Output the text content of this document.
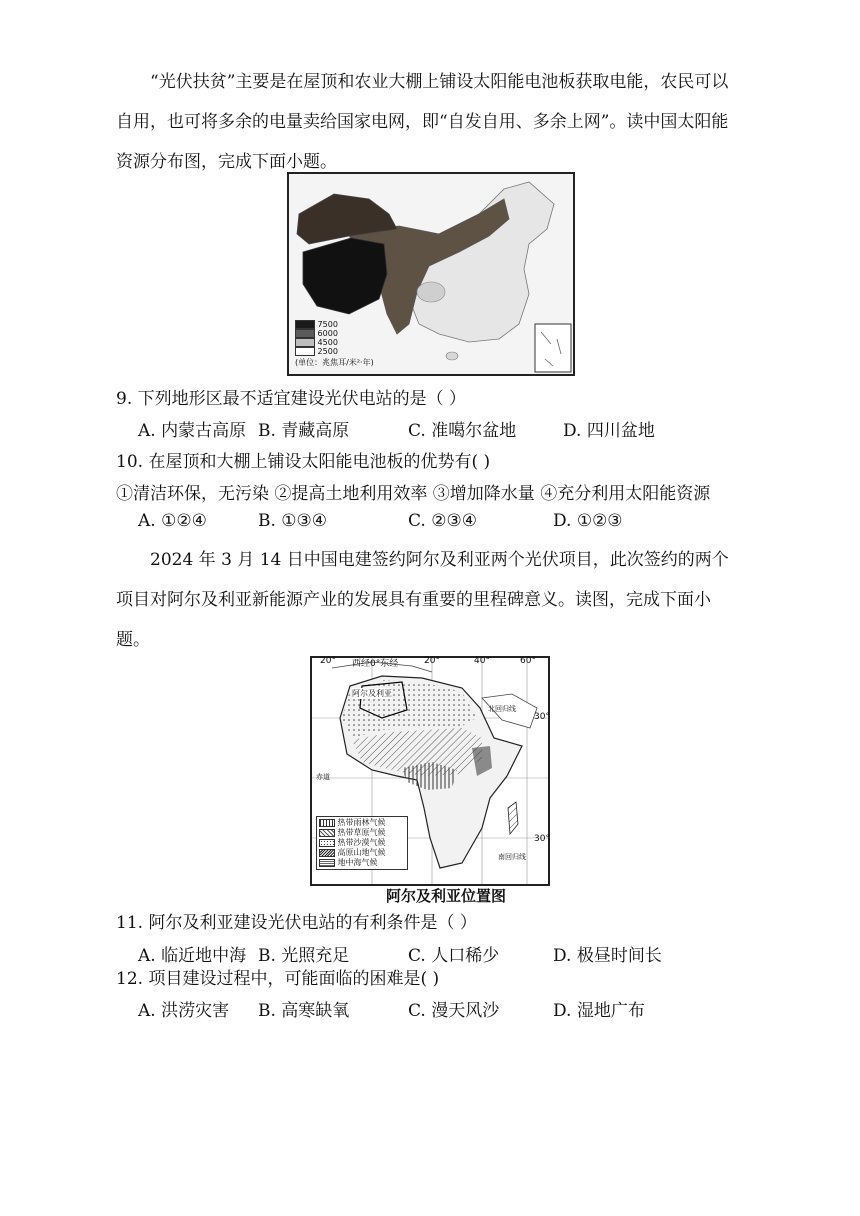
“光伏扶贫”主要是在屋顶和农业大棚上铺设太阳能电池板获取电能，农民可以自用，也可将多余的电量卖给国家电网，即“自发自用、多余上网”。读中国太阳能资源分布图，完成下面小题。

7500
6000
4500
2500
(单位：兆焦耳/米²·年)

9. 下列地形区最不适宜建设光伏电站的是（ ）

A. 内蒙古高原 B. 青藏高原	C. 准噶尔盆地	D. 四川盆地

10. 在屋顶和大棚上铺设太阳能电池板的优势有( )

①清洁环保，无污染 ②提高土地利用效率 ③增加降水量 ④充分利用太阳能资源

A. ①②④	B. ①③④	C. ②③④	D. ①②③

2024 年 3 月 14 日中国电建签约阿尔及利亚两个光伏项目，此次签约的两个项目对阿尔及利亚新能源产业的发展具有重要的里程碑意义。读图，完成下面小题。

20° 西经0°东经	20°	40°	60°
30°
30°
阿尔及利亚
北回归线
赤道
南回归线
热带雨林气候
热带草原气候
热带沙漠气候
高原山地气候
地中海气候
阿尔及利亚位置图

11. 阿尔及利亚建设光伏电站的有利条件是（ ）

A. 临近地中海 B. 光照充足	C. 人口稀少	D. 极昼时间长

12. 项目建设过程中，可能面临的困难是( )

A. 洪涝灾害 B. 高寒缺氧	C. 漫天风沙	D. 湿地广布
